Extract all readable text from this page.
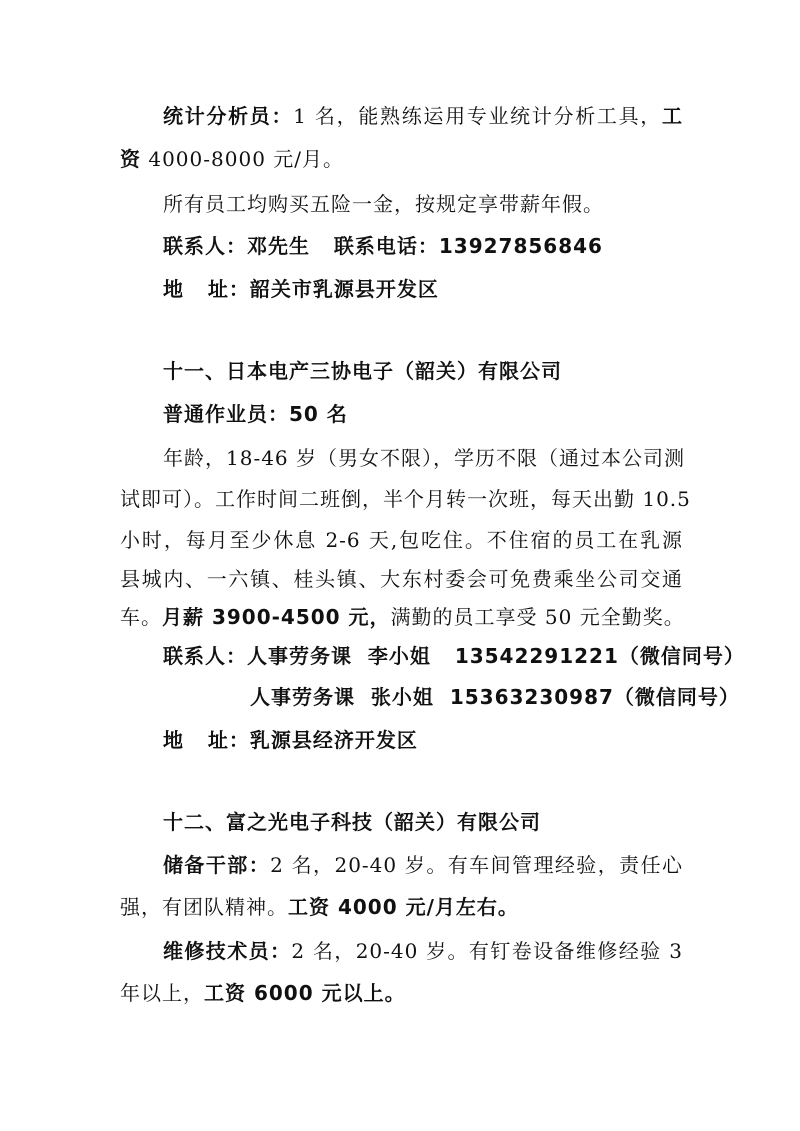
统计分析员：1 名，能熟练运用专业统计分析工具，工
资 4000-8000 元/月。
所有员工均购买五险一金，按规定享带薪年假。
联系人：邓先生   联系电话：13927856846
地   址：韶关市乳源县开发区
十一、日本电产三协电子（韶关）有限公司
普通作业员：50 名
年龄，18-46 岁（男女不限），学历不限（通过本公司测
试即可）。工作时间二班倒，半个月转一次班，每天出勤 10.5
小时，每月至少休息 2-6 天,包吃住。不住宿的员工在乳源
县城内、一六镇、桂头镇、大东村委会可免费乘坐公司交通
车。月薪 3900-4500 元，满勤的员工享受 50 元全勤奖。
联系人：人事劳务课  李小姐   13542291221（微信同号）
人事劳务课  张小姐  15363230987（微信同号）
地   址：乳源县经济开发区
十二、富之光电子科技（韶关）有限公司
储备干部：2 名，20-40 岁。有车间管理经验，责任心
强，有团队精神。工资 4000 元/月左右。
维修技术员：2 名，20-40 岁。有钉卷设备维修经验 3
年以上，工资 6000 元以上。
